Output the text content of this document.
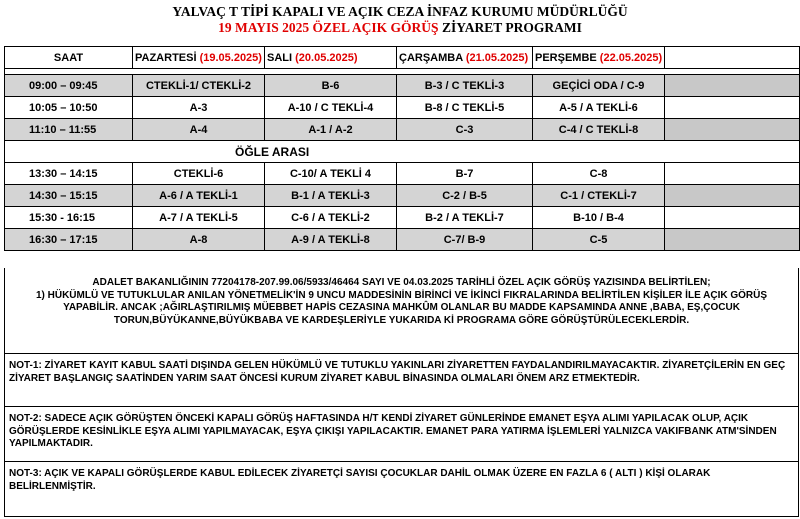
YALVAÇ T TİPİ KAPALI VE AÇIK CEZA İNFAZ KURUMU MÜDÜRLÜĞÜ
19 MAYIS 2025 ÖZEL AÇIK GÖRÜŞ ZİYARET PROGRAMI
SAAT	PAZARTESİ (19.05.2025)	SALI (20.05.2025)	ÇARŞAMBA (21.05.2025)	PERŞEMBE (22.05.2025)	

09:00 – 09:45	CTEKLİ-1/ CTEKLİ-2	B-6	B-3 / C TEKLİ-3	GEÇİCİ ODA / C-9	
10:05 – 10:50	A-3	A-10 / C TEKLİ-4	B-8 / C TEKLİ-5	A-5 / A TEKLİ-6	
11:10 – 11:55	A-4	A-1 / A-2	C-3	C-4 / C TEKLİ-8	
ÖĞLE ARASI					
13:30 – 14:15	CTEKLİ-6	C-10/ A TEKLİ 4	B-7	C-8	
14:30 – 15:15	A-6 / A TEKLİ-1	B-1 / A TEKLİ-3	C-2 / B-5	C-1 / CTEKLİ-7	
15:30 - 16:15	A-7 / A TEKLİ-5	C-6 / A TEKLİ-2	B-2 / A TEKLİ-7	B-10 / B-4	
16:30 – 17:15	A-8	A-9 / A TEKLİ-8	C-7/ B-9	C-5	
ADALET BAKANLIĞININ 77204178-207.99.06/5933/46464 SAYI VE 04.03.2025 TARİHLİ ÖZEL AÇIK GÖRÜŞ YAZISINDA BELİRTİLEN;
1) HÜKÜMLÜ VE TUTUKLULAR ANILAN YÖNETMELİK'İN 9 UNCU MADDESİNİN BİRİNCİ VE İKİNCİ FIKRALARINDA BELİRTİLEN KİŞİLER İLE AÇIK GÖRÜŞ YAPABİLİR. ANCAK ;AĞIRLAŞTIRILMIŞ MÜEBBET HAPİS CEZASINA MAHKÛM OLANLAR BU MADDE KAPSAMINDA ANNE ,BABA, EŞ,ÇOCUK TORUN,BÜYÜKANNE,BÜYÜKBABA VE KARDEŞLERİYLE YUKARIDA Kİ PROGRAMA GÖRE GÖRÜŞTÜRÜLECEKLERDİR.
NOT-1: ZİYARET KAYIT KABUL SAATİ DIŞINDA GELEN HÜKÜMLÜ VE TUTUKLU YAKINLARI ZİYARETTEN FAYDALANDIRILMAYACAKTIR. ZİYARETÇİLERİN EN GEÇ ZİYARET BAŞLANGIÇ SAATİNDEN YARIM SAAT ÖNCESİ KURUM ZİYARET KABUL BİNASINDA OLMALARI ÖNEM ARZ ETMEKTEDİR.
NOT-2: SADECE AÇIK GÖRÜŞTEN ÖNCEKİ KAPALI GÖRÜŞ HAFTASINDA H/T KENDİ ZİYARET GÜNLERİNDE EMANET EŞYA ALIMI YAPILACAK OLUP, AÇIK GÖRÜŞLERDE KESİNLİKLE EŞYA ALIMI YAPILMAYACAK, EŞYA ÇIKIŞI YAPILACAKTIR. EMANET PARA YATIRMA İŞLEMLERİ YALNIZCA VAKIFBANK ATM'SİNDEN YAPILMAKTADIR.
NOT-3: AÇIK VE KAPALI GÖRÜŞLERDE KABUL EDİLECEK ZİYARETÇİ SAYISI ÇOCUKLAR DAHİL OLMAK ÜZERE EN FAZLA 6 ( ALTI ) KİŞİ OLARAK BELİRLENMİŞTİR.
